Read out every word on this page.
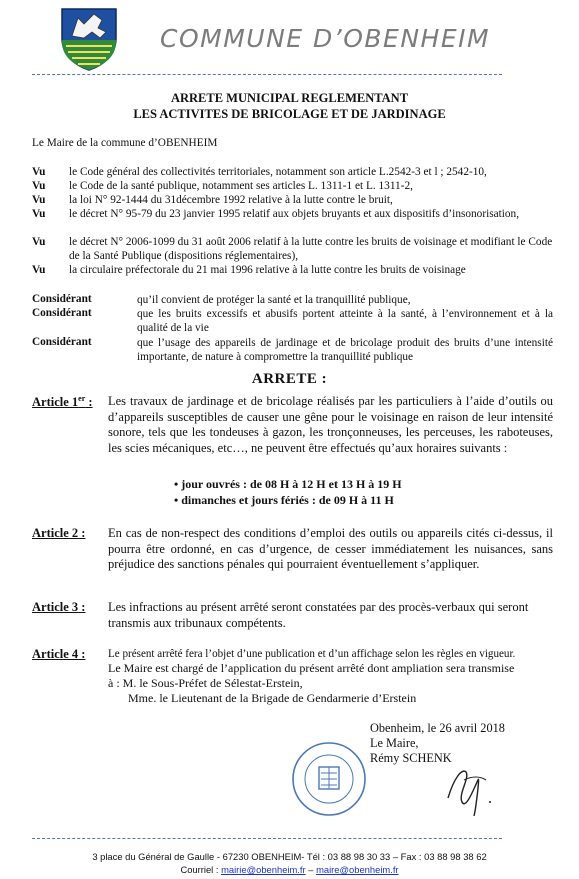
COMMUNE D’OBENHEIM
ARRETE MUNICIPAL REGLEMENTANT
LES ACTIVITES DE BRICOLAGE ET DE JARDINAGE
Le Maire de la commune d’OBENHEIM
Vu le Code général des collectivités territoriales, notamment son article L.2542-3 et l ; 2542-10,
Vu le Code de la santé publique, notamment ses articles L. 1311-1 et L. 1311-2,
Vu la loi N° 92-1444 du 31décembre 1992 relative à la lutte contre le bruit,
Vu le décret N° 95-79 du 23 janvier 1995 relatif aux objets bruyants et aux dispositifs d’insonorisation,
Vu le décret N° 2006-1099 du 31 août 2006 relatif à la lutte contre les bruits de voisinage et modifiant le Code de la Santé Publique (dispositions réglementaires),
Vu la circulaire préfectorale du 21 mai 1996 relative à la lutte contre les bruits de voisinage
Considérant	qu’il convient de protéger la santé et la tranquillité publique,
Considérant	que les bruits excessifs et abusifs portent atteinte à la santé, à l’environnement et à la qualité de la vie
Considérant	que l’usage des appareils de jardinage et de bricolage produit des bruits d’une intensité importante, de nature à compromettre la tranquillité publique
ARRETE :
Article 1er : Les travaux de jardinage et de bricolage réalisés par les particuliers à l’aide d’outils ou d’appareils susceptibles de causer une gêne pour le voisinage en raison de leur intensité sonore, tels que les tondeuses à gazon, les tronçonneuses, les perceuses, les raboteuses, les scies mécaniques, etc…, ne peuvent être effectués qu’aux horaires suivants :
• jour ouvrés : de 08 H à 12 H et 13 H à 19 H
• dimanches et jours fériés : de 09 H à 11 H
Article 2 : En cas de non-respect des conditions d’emploi des outils ou appareils cités ci-dessus, il pourra être ordonné, en cas d’urgence, de cesser immédiatement les nuisances, sans préjudice des sanctions pénales qui pourraient éventuellement s’appliquer.
Article 3 : Les infractions au présent arrêté seront constatées par des procès-verbaux qui seront transmis aux tribunaux compétents.
Article 4 : Le présent arrêté fera l’objet d’une publication et d’un affichage selon les règles en vigueur.
Le Maire est chargé de l’application du présent arrêté dont ampliation sera transmise
à : M. le Sous-Préfet de Sélestat-Erstein,
Mme. le Lieutenant de la Brigade de Gendarmerie d’Erstein
Obenheim, le 26 avril 2018
Le Maire,
Rémy SCHENK
3 place du Général de Gaulle - 67230 OBENHEIM- Tél : 03 88 98 30 33 – Fax : 03 88 98 38 62
Courriel : mairie@obenheim.fr – maire@obenheim.fr
